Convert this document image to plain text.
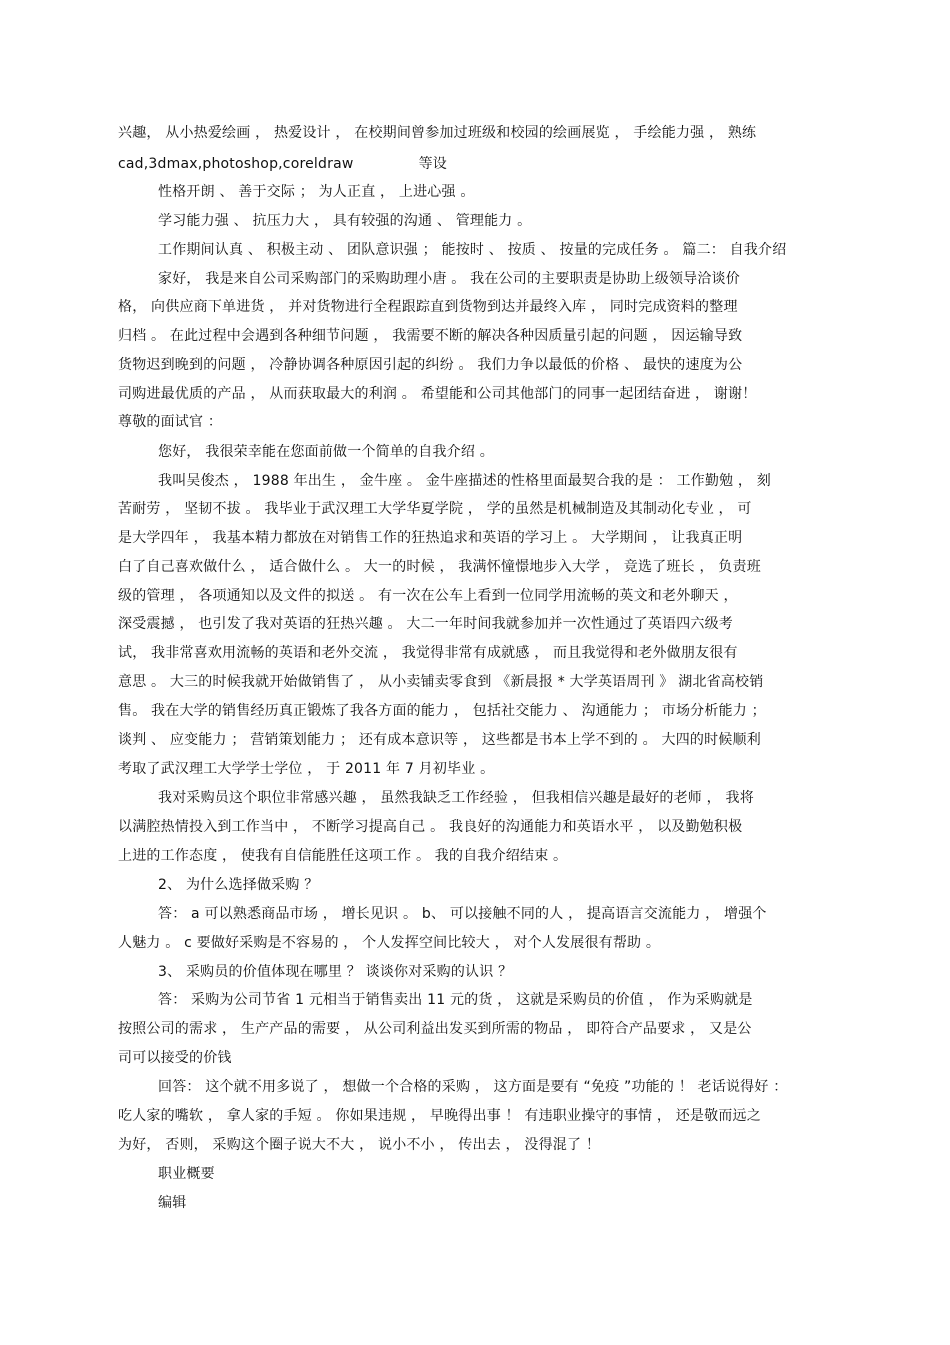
兴趣， 从小热爱绘画 ， 热爱设计 ， 在校期间曾参加过班级和校园的绘画展览 ， 手绘能力强 ， 熟练
cad,3dmax,photoshop,coreldraw              等设
性格开朗 、 善于交际 ； 为人正直 ， 上进心强 。
学习能力强 、 抗压力大 ， 具有较强的沟通 、 管理能力 。
工作期间认真 、 积极主动 、 团队意识强 ； 能按时 、 按质 、 按量的完成任务 。 篇二： 自我介绍
家好， 我是来自公司采购部门的采购助理小唐 。 我在公司的主要职责是协助上级领导洽谈价
格， 向供应商下单进货 ， 并对货物进行全程跟踪直到货物到达并最终入库 ， 同时完成资料的整理
归档 。 在此过程中会遇到各种细节问题 ， 我需要不断的解决各种因质量引起的问题 ， 因运输导致
货物迟到晚到的问题 ， 冷静协调各种原因引起的纠纷 。 我们力争以最低的价格 、 最快的速度为公
司购进最优质的产品 ， 从而获取最大的利润 。 希望能和公司其他部门的同事一起团结奋进 ， 谢谢！
尊敬的面试官 ：
您好， 我很荣幸能在您面前做一个简单的自我介绍 。
我叫吴俊杰 ， 1988 年出生 ， 金牛座 。 金牛座描述的性格里面最契合我的是 ： 工作勤勉 ， 刻
苦耐劳 ， 坚韧不拔 。 我毕业于武汉理工大学华夏学院 ， 学的虽然是机械制造及其制动化专业 ， 可
是大学四年 ， 我基本精力都放在对销售工作的狂热追求和英语的学习上 。 大学期间 ， 让我真正明
白了自己喜欢做什么 ， 适合做什么 。 大一的时候 ， 我满怀憧憬地步入大学 ， 竞选了班长 ， 负责班
级的管理 ， 各项通知以及文件的拟送 。 有一次在公车上看到一位同学用流畅的英文和老外聊天 ，
深受震撼 ， 也引发了我对英语的狂热兴趣 。 大二一年时间我就参加并一次性通过了英语四六级考
试， 我非常喜欢用流畅的英语和老外交流 ， 我觉得非常有成就感 ， 而且我觉得和老外做朋友很有
意思 。 大三的时候我就开始做销售了 ， 从小卖铺卖零食到 《新晨报 * 大学英语周刊 》 湖北省高校销
售。 我在大学的销售经历真正锻炼了我各方面的能力 ， 包括社交能力 、 沟通能力 ； 市场分析能力 ；
谈判 、 应变能力 ； 营销策划能力 ； 还有成本意识等 ， 这些都是书本上学不到的 。 大四的时候顺利
考取了武汉理工大学学士学位 ， 于 2011 年 7 月初毕业 。
我对采购员这个职位非常感兴趣 ， 虽然我缺乏工作经验 ， 但我相信兴趣是最好的老师 ， 我将
以满腔热情投入到工作当中 ， 不断学习提高自己 。 我良好的沟通能力和英语水平 ， 以及勤勉积极
上进的工作态度 ， 使我有自信能胜任这项工作 。 我的自我介绍结束 。
2、 为什么选择做采购 ？
答： a 可以熟悉商品市场 ， 增长见识 。 b、 可以接触不同的人 ， 提高语言交流能力 ， 增强个
人魅力 。 c 要做好采购是不容易的 ， 个人发挥空间比较大 ， 对个人发展很有帮助 。
3、 采购员的价值体现在哪里 ？ 谈谈你对采购的认识 ？
答： 采购为公司节省 1 元相当于销售卖出 11 元的货 ， 这就是采购员的价值 ， 作为采购就是
按照公司的需求 ， 生产产品的需要 ， 从公司利益出发买到所需的物品 ， 即符合产品要求 ， 又是公
司可以接受的价钱
回答： 这个就不用多说了 ， 想做一个合格的采购 ， 这方面是要有 “免疫 ”功能的 ！ 老话说得好 ：
吃人家的嘴软 ， 拿人家的手短 。 你如果违规 ， 早晚得出事 ！ 有违职业操守的事情 ， 还是敬而远之
为好， 否则， 采购这个圈子说大不大 ， 说小不小 ， 传出去 ， 没得混了 ！
职业概要
编辑
